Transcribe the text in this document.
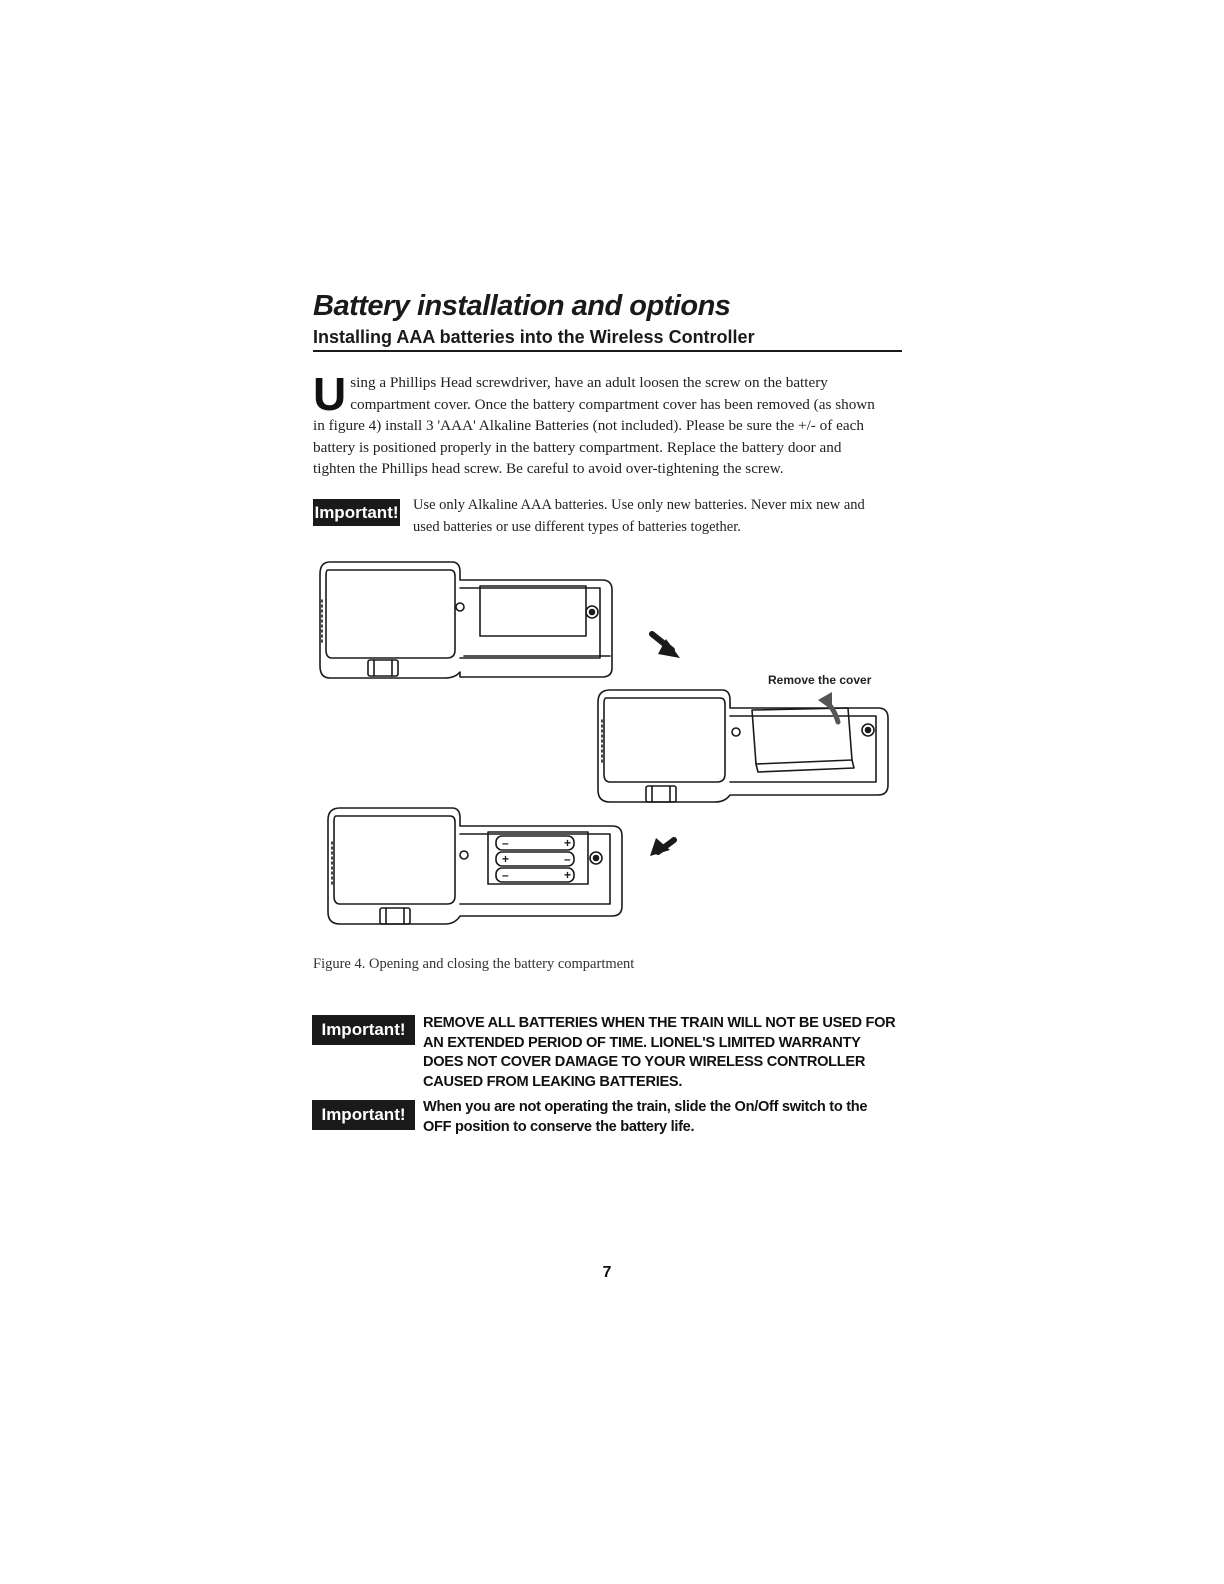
Battery installation and options
Installing AAA batteries into the Wireless Controller

Using a Phillips Head screwdriver, have an adult loosen the screw on the battery compartment cover. Once the battery compartment cover has been removed (as shown in figure 4) install 3 'AAA' Alkaline Batteries (not included). Please be sure the +/- of each battery is positioned properly in the battery compartment. Replace the battery door and tighten the Phillips head screw. Be careful to avoid over-tightening the screw.

Important! Use only Alkaline AAA batteries. Use only new batteries. Never mix new and used batteries or use different types of batteries together.

Remove the cover
–	+
+	–
–	+

Figure 4. Opening and closing the battery compartment

Important!	REMOVE ALL BATTERIES WHEN THE TRAIN WILL NOT BE USED FOR AN EXTENDED PERIOD OF TIME. LIONEL'S LIMITED WARRANTY DOES NOT COVER DAMAGE TO YOUR WIRELESS CONTROLLER CAUSED FROM LEAKING BATTERIES.

Important!	When you are not operating the train, slide the On/Off switch to the OFF position to conserve the battery life.

7
